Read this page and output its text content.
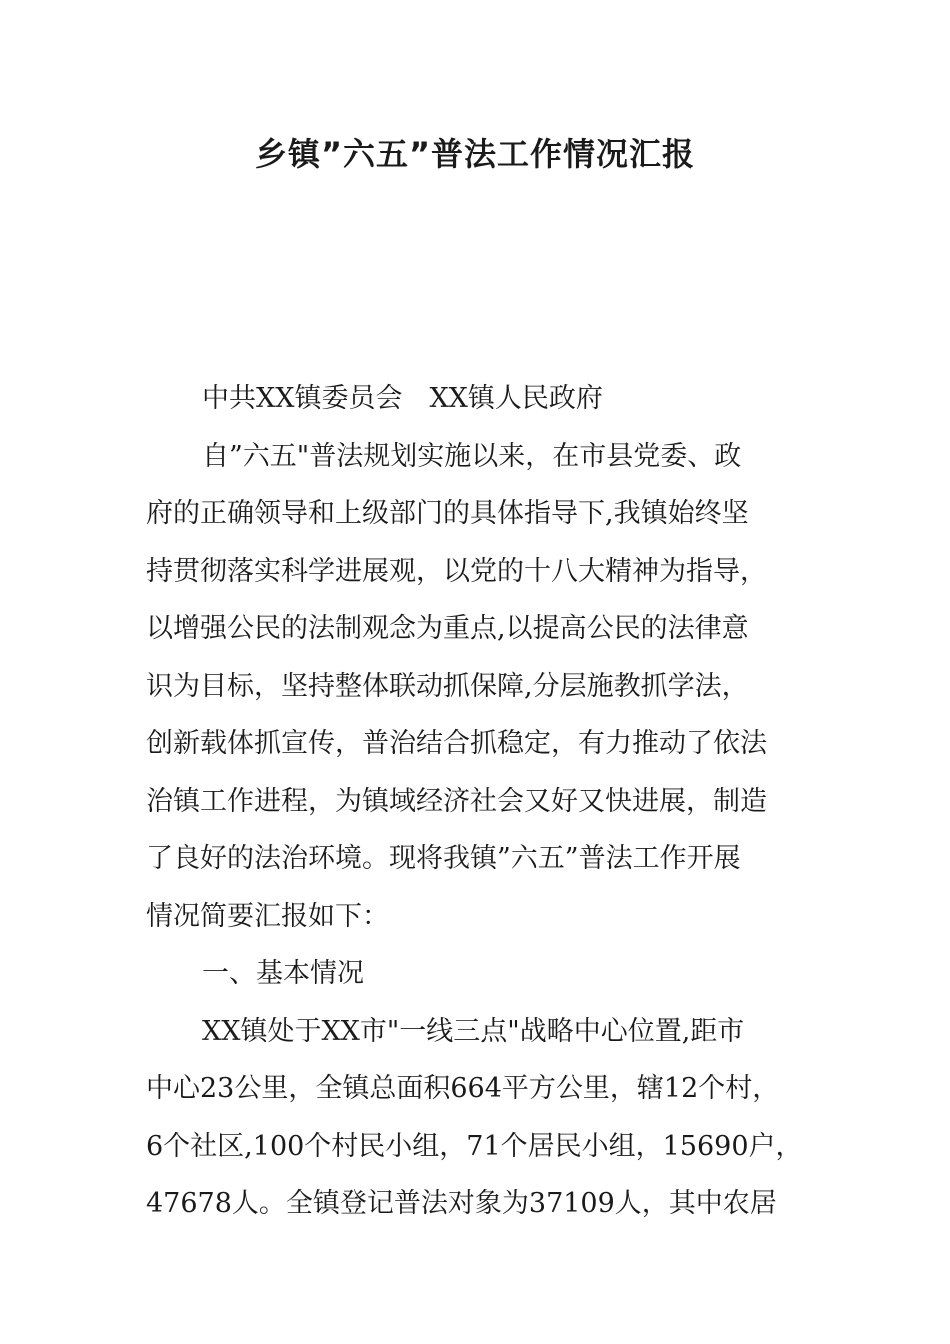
乡镇”六五”普法工作情况汇报
中共XX镇委员会　XX镇人民政府
自”六五"普法规划实施以来，在市县党委、政
府的正确领导和上级部门的具体指导下,我镇始终坚
持贯彻落实科学进展观，以党的十八大精神为指导，
以增强公民的法制观念为重点,以提高公民的法律意
识为目标，坚持整体联动抓保障,分层施教抓学法，
创新载体抓宣传，普治结合抓稳定，有力推动了依法
治镇工作进程，为镇域经济社会又好又快进展，制造
了良好的法治环境。现将我镇”六五”普法工作开展
情况简要汇报如下：
一、基本情况
XX镇处于XX市"一线三点"战略中心位置,距市
中心23公里，全镇总面积664平方公里，辖12个村，
6个社区,100个村民小组，71个居民小组，15690户，
47678人。全镇登记普法对象为37109人，其中农居
